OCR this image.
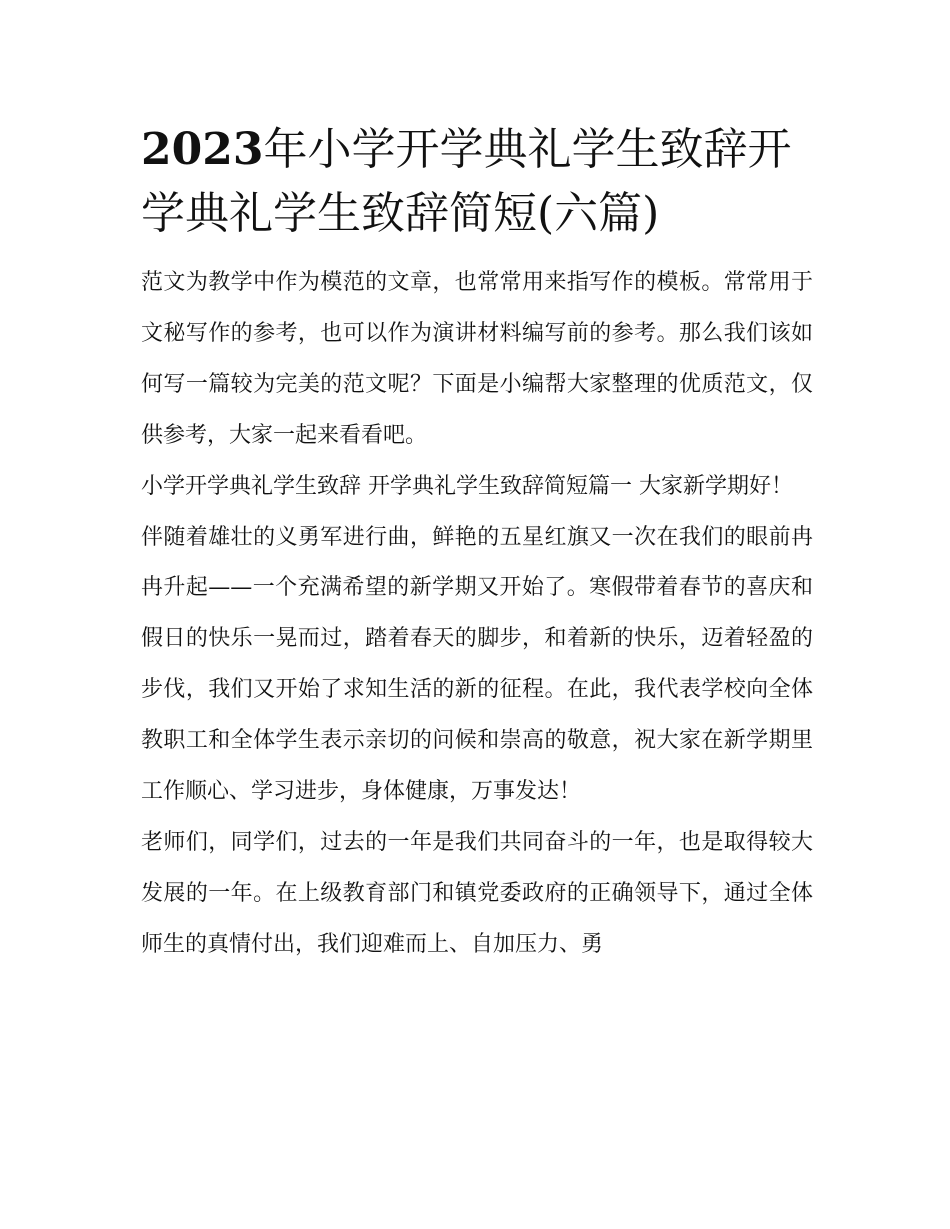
2023年小学开学典礼学生致辞开学典礼学生致辞简短(六篇)

范文为教学中作为模范的文章，也常常用来指写作的模板。常常用于文秘写作的参考，也可以作为演讲材料编写前的参考。那么我们该如何写一篇较为完美的范文呢？下面是小编帮大家整理的优质范文，仅供参考，大家一起来看看吧。

小学开学典礼学生致辞 开学典礼学生致辞简短篇一 大家新学期好！

伴随着雄壮的义勇军进行曲，鲜艳的五星红旗又一次在我们的眼前冉冉升起——一个充满希望的新学期又开始了。寒假带着春节的喜庆和假日的快乐一晃而过，踏着春天的脚步，和着新的快乐，迈着轻盈的步伐，我们又开始了求知生活的新的征程。在此，我代表学校向全体教职工和全体学生表示亲切的问候和崇高的敬意，祝大家在新学期里工作顺心、学习进步，身体健康，万事发达！

老师们，同学们，过去的一年是我们共同奋斗的一年，也是取得较大发展的一年。在上级教育部门和镇党委政府的正确领导下，通过全体师生的真情付出，我们迎难而上、自加压力、勇
